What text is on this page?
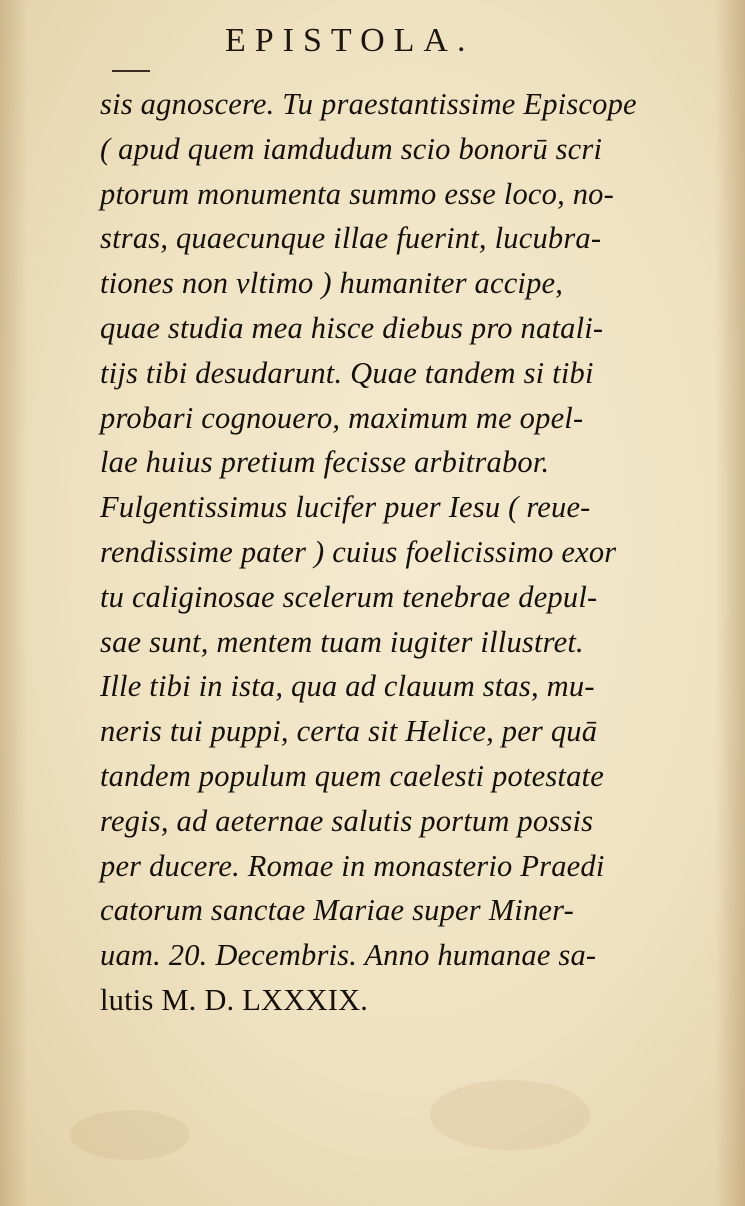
EPISTOLA.
sis agnoscere. Tu praestantissime Episcope
( apud quem iamdudum scio bonorū scri
ptorum monumenta summo esse loco, no-
stras, quaecunque illae fuerint, lucubra-
tiones non vltimo ) humaniter accipe,
quae studia mea hisce diebus pro natali-
tijs tibi desudarunt. Quae tandem si tibi
probari cognouero, maximum me opel-
lae huius pretium fecisse arbitrabor.
Fulgentissimus lucifer puer Iesu ( reue-
rendissime pater ) cuius foelicissimo exor
tu caliginosae scelerum tenebrae depul-
sae sunt, mentem tuam iugiter illustret.
Ille tibi in ista, qua ad clauum stas, mu-
neris tui puppi, certa sit Helice, per quā
tandem populum quem caelesti potestate
regis, ad aeternae salutis portum possis
per ducere. Romae in monasterio Praedi
catorum sanctae Mariae super Miner-
uam. 20. Decembris. Anno humanae sa-
lutis M. D. LXXXIX.
